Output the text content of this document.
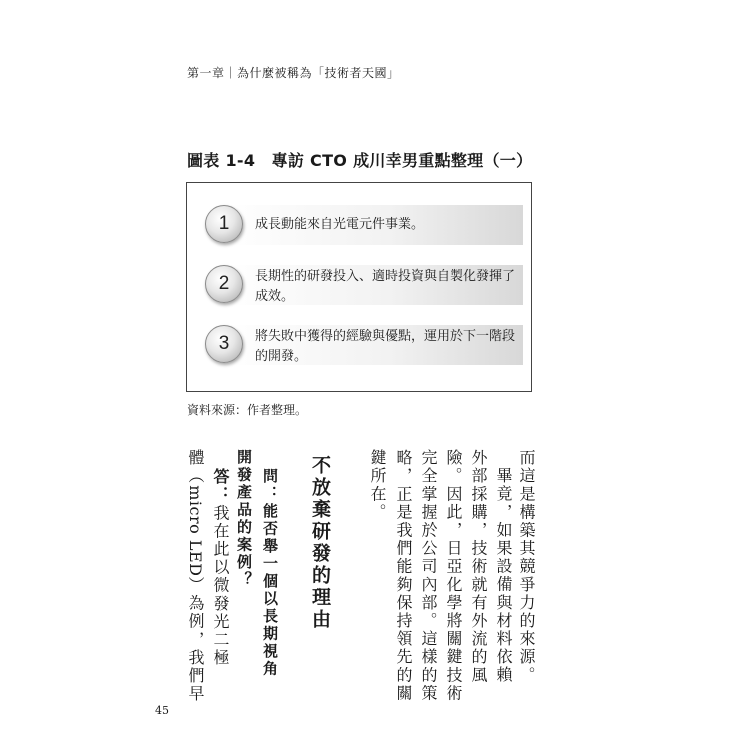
第一章｜為什麼被稱為「技術者天國」
圖表 1-4　專訪 CTO 成川幸男重點整理（一）
1	成長動能來自光電元件事業。
2	長期性的研發投入、適時投資與自製化發揮了成效。
3	將失敗中獲得的經驗與優點，運用於下一階段的開發。
資料來源：作者整理。
而這是構築其競爭力的來源。
畢竟，如果設備與材料依賴
外部採購，技術就有外流的風
險。因此，日亞化學將關鍵技術
完全掌握於公司內部。這樣的策
略，正是我們能夠保持領先的關
鍵所在。
不放棄研發的理由
問：能否舉一個以長期視角
開發產品的案例？
答：我在此以微發光二極
體（micro LED）為例，我們早
45
